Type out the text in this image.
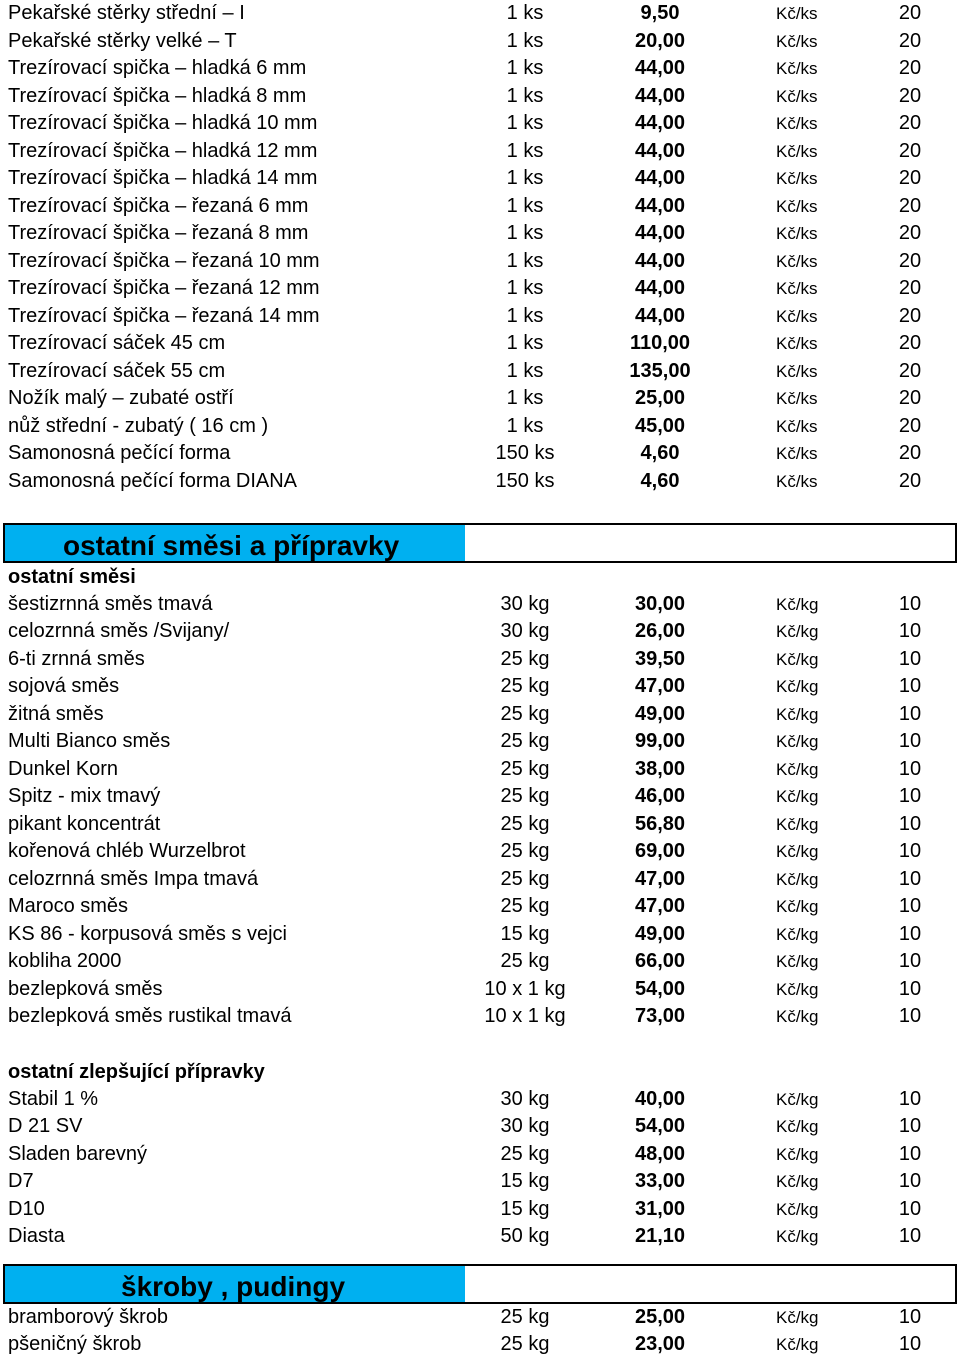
Pekařské stěrky střední – I	1 ks	9,50	Kč/ks	20
Pekařské stěrky velké – T	1 ks	20,00	Kč/ks	20
Trezírovací spička – hladká 6 mm	1 ks	44,00	Kč/ks	20
Trezírovací špička – hladká 8 mm	1 ks	44,00	Kč/ks	20
Trezírovací špička – hladká 10 mm	1 ks	44,00	Kč/ks	20
Trezírovací špička – hladká 12 mm	1 ks	44,00	Kč/ks	20
Trezírovací špička – hladká 14 mm	1 ks	44,00	Kč/ks	20
Trezírovací špička – řezaná 6 mm	1 ks	44,00	Kč/ks	20
Trezírovací špička – řezaná 8 mm	1 ks	44,00	Kč/ks	20
Trezírovací špička – řezaná 10 mm	1 ks	44,00	Kč/ks	20
Trezírovací špička – řezaná 12 mm	1 ks	44,00	Kč/ks	20
Trezírovací špička – řezaná 14 mm	1 ks	44,00	Kč/ks	20
Trezírovací sáček 45 cm	1 ks	110,00	Kč/ks	20
Trezírovací sáček 55 cm	1 ks	135,00	Kč/ks	20
Nožík malý – zubaté ostří	1 ks	25,00	Kč/ks	20
nůž střední - zubatý ( 16 cm )	1 ks	45,00	Kč/ks	20
Samonosná pečící forma	150 ks	4,60	Kč/ks	20
Samonosná pečící forma DIANA	150 ks	4,60	Kč/ks	20
ostatní směsi a přípravky
ostatní směsi
šestizrnná směs tmavá	30 kg	30,00	Kč/kg	10
celozrnná směs /Svijany/	30 kg	26,00	Kč/kg	10
6-ti zrnná směs	25 kg	39,50	Kč/kg	10
sojová směs	25 kg	47,00	Kč/kg	10
žitná směs	25 kg	49,00	Kč/kg	10
Multi Bianco směs	25 kg	99,00	Kč/kg	10
Dunkel Korn	25 kg	38,00	Kč/kg	10
Spitz - mix tmavý	25 kg	46,00	Kč/kg	10
pikant koncentrát	25 kg	56,80	Kč/kg	10
kořenová chléb Wurzelbrot	25 kg	69,00	Kč/kg	10
celozrnná směs Impa tmavá	25 kg	47,00	Kč/kg	10
Maroco směs	25 kg	47,00	Kč/kg	10
KS 86 - korpusová směs s vejci	15 kg	49,00	Kč/kg	10
kobliha 2000	25 kg	66,00	Kč/kg	10
bezlepková směs	10 x 1 kg	54,00	Kč/kg	10
bezlepková směs rustikal tmavá	10 x 1 kg	73,00	Kč/kg	10
ostatní zlepšující přípravky
Stabil 1 %	30 kg	40,00	Kč/kg	10
D 21 SV	30 kg	54,00	Kč/kg	10
Sladen barevný	25 kg	48,00	Kč/kg	10
D7	15 kg	33,00	Kč/kg	10
D10	15 kg	31,00	Kč/kg	10
Diasta	50 kg	21,10	Kč/kg	10
škroby , pudingy
bramborový škrob	25 kg	25,00	Kč/kg	10
pšeničný škrob	25 kg	23,00	Kč/kg	10
